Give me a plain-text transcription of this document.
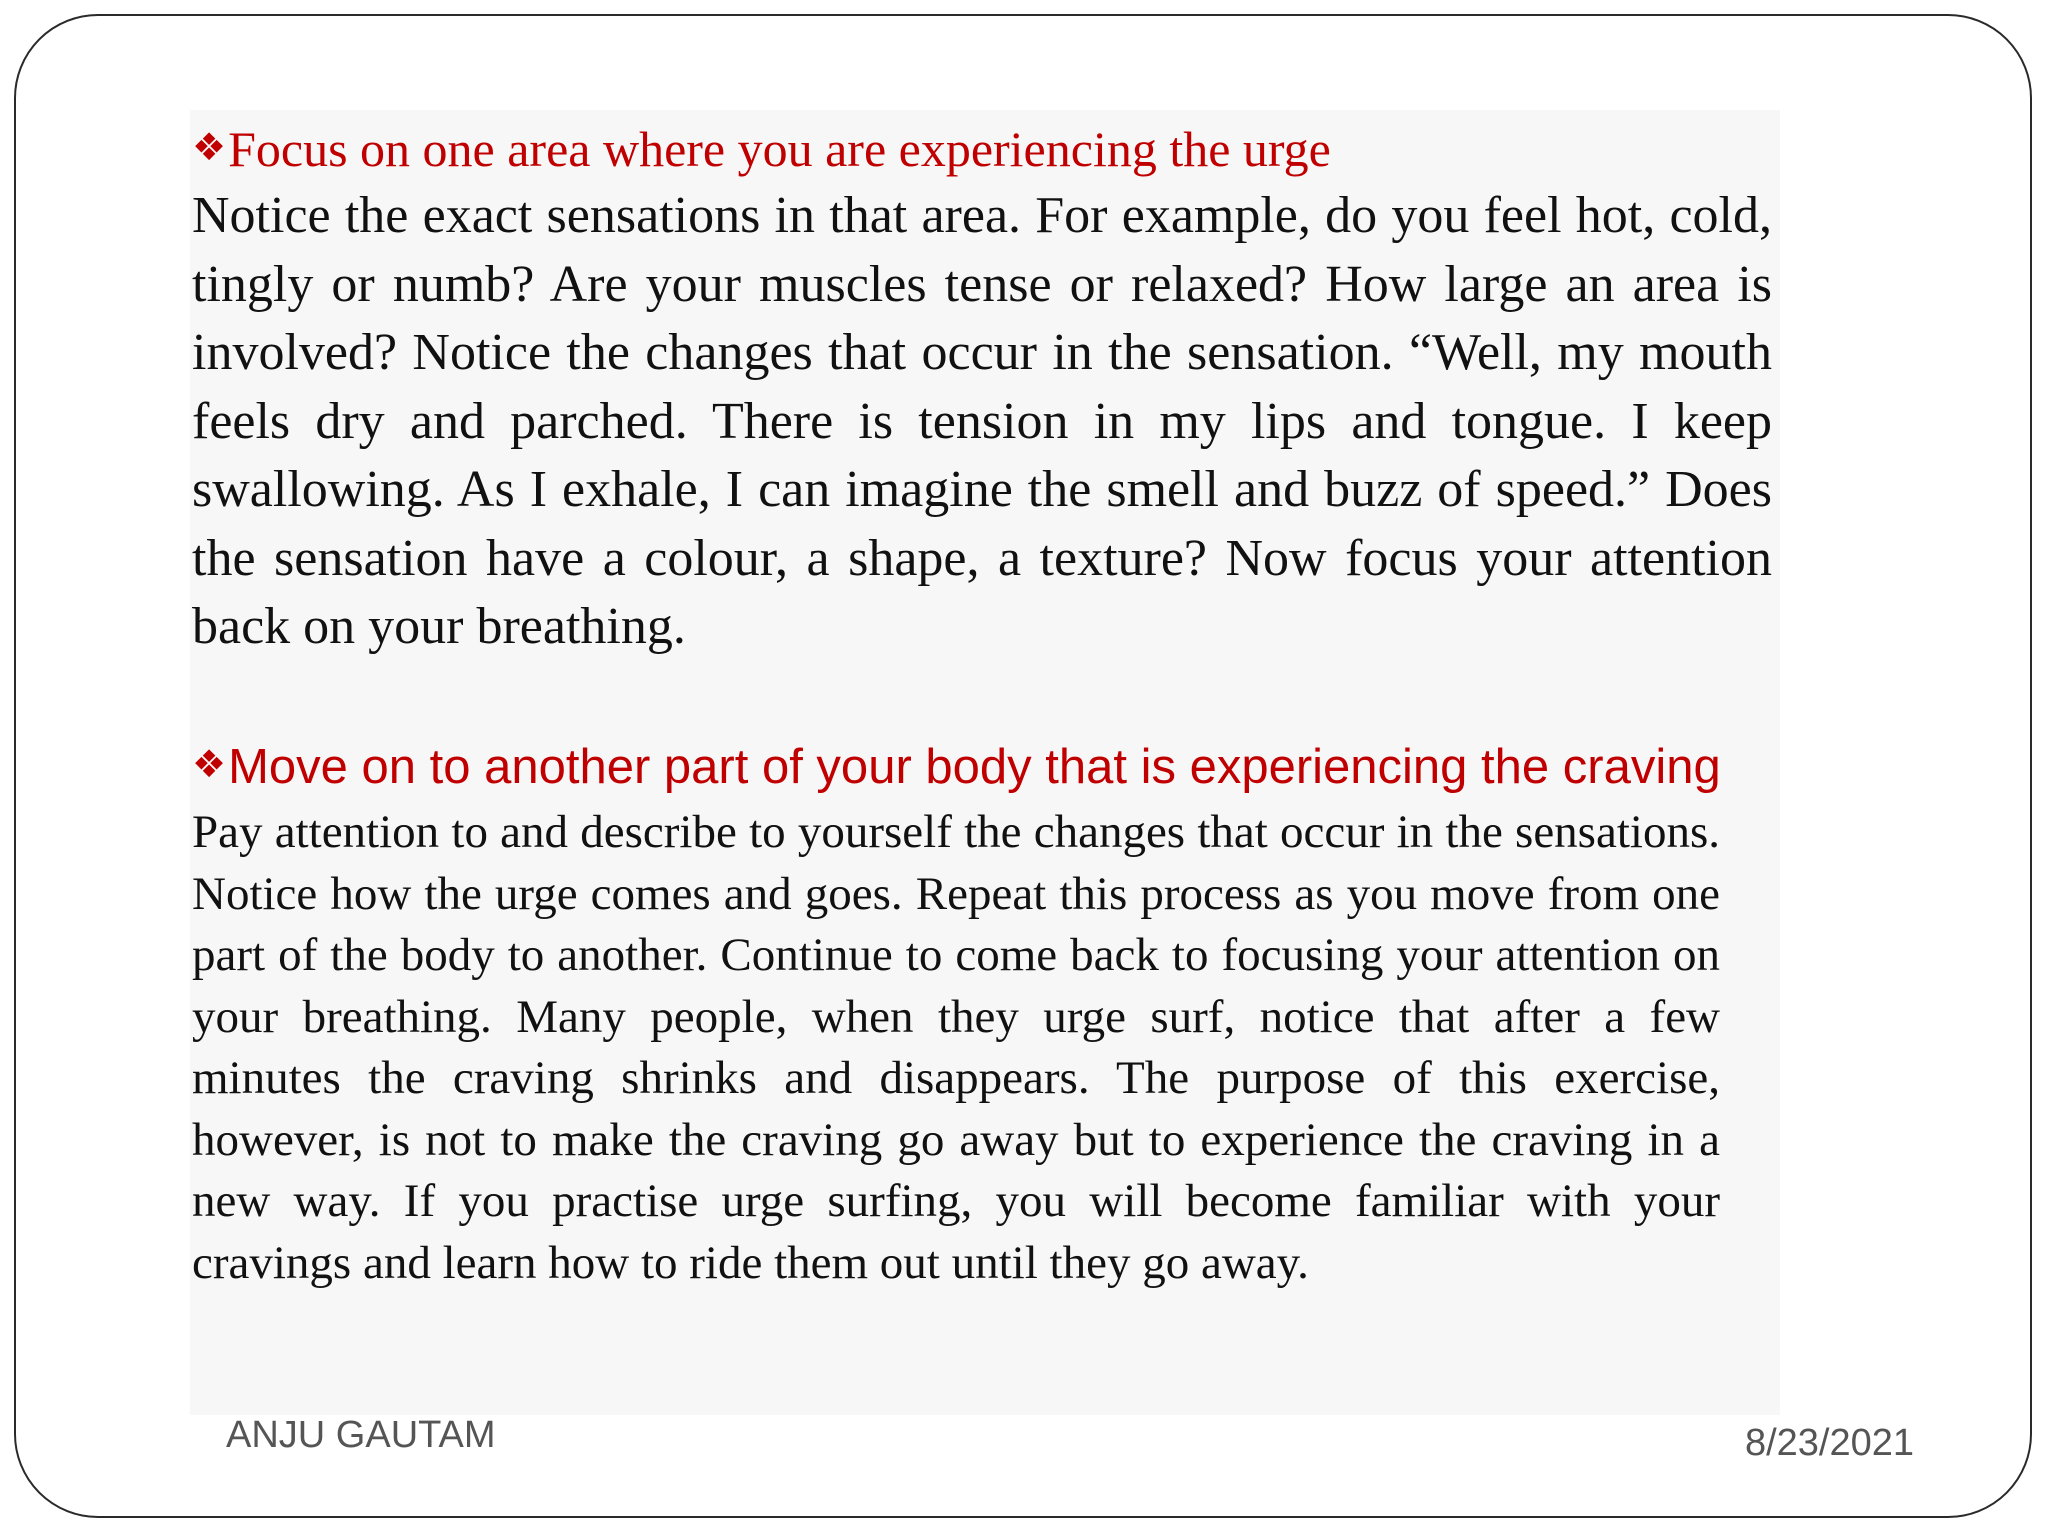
❖Focus on one area where you are experiencing the urge

Notice the exact sensations in that area. For example, do you feel hot, cold, tingly or numb? Are your muscles tense or relaxed? How large an area is involved? Notice the changes that occur in the sensation. “Well, my mouth feels dry and parched. There is tension in my lips and tongue. I keep swallowing. As I exhale, I can imagine the smell and buzz of speed.” Does the sensation have a colour, a shape, a texture? Now focus your attention back on your breathing.

❖Move on to another part of your body that is experiencing the craving

Pay attention to and describe to yourself the changes that occur in the sensations. Notice how the urge comes and goes. Repeat this process as you move from one part of the body to another. Continue to come back to focusing your attention on your breathing. Many people, when they urge surf, notice that after a few minutes the craving shrinks and disappears. The purpose of this exercise, however, is not to make the craving go away but to experience the craving in a new way. If you practise urge surfing, you will become familiar with your cravings and learn how to ride them out until they go away.

ANJU GAUTAM	8/23/2021
